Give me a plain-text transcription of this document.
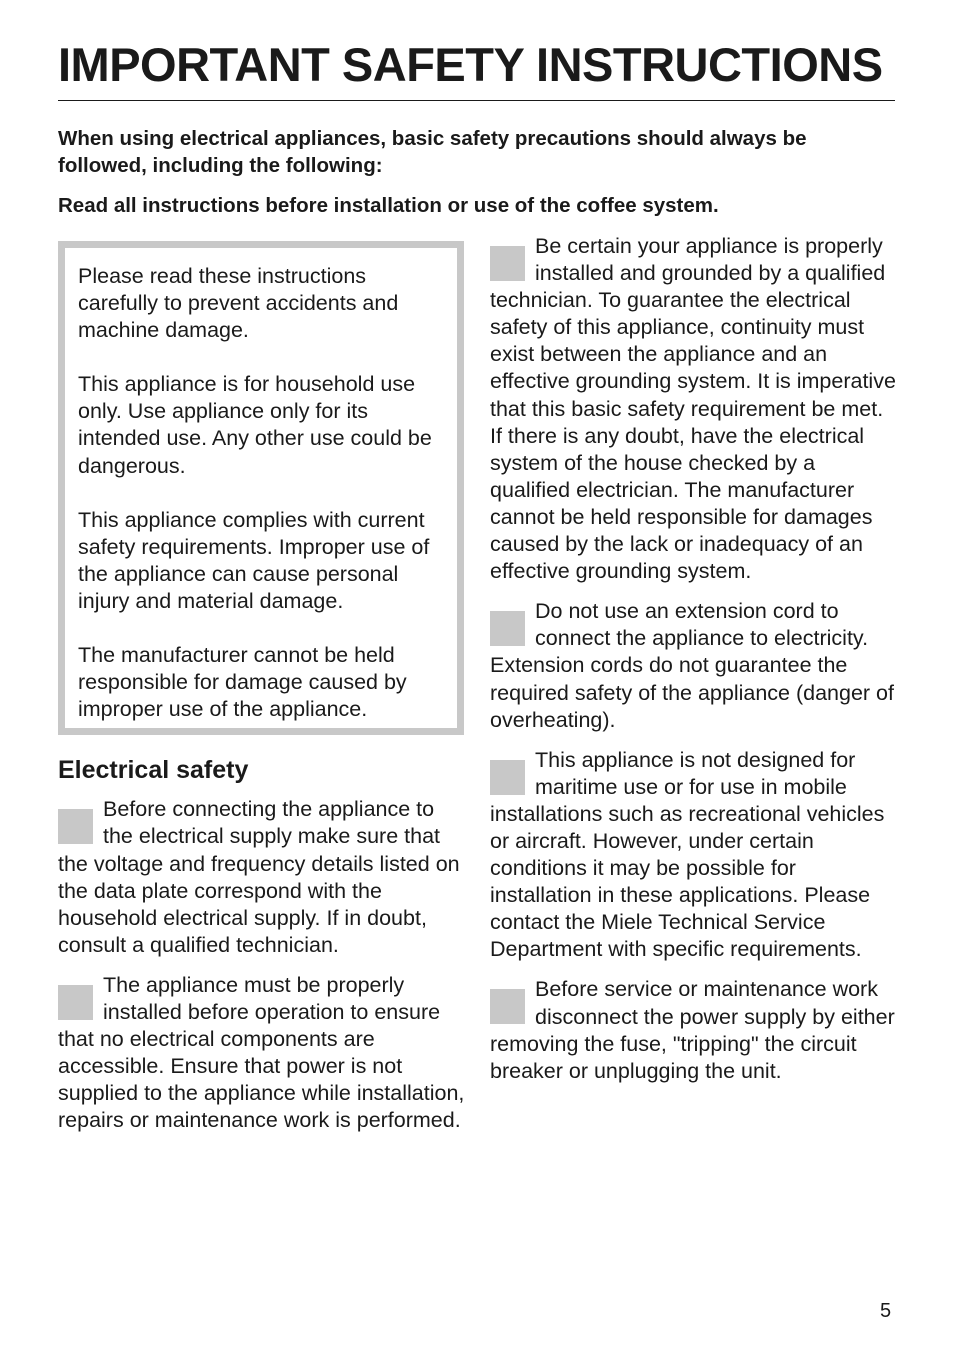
IMPORTANT SAFETY INSTRUCTIONS

When using electrical appliances, basic safety precautions should always be followed, including the following:

Read all instructions before installation or use of the coffee system.

Please read these instructions carefully to prevent accidents and machine damage.

This appliance is for household use only. Use appliance only for its intended use. Any other use could be dangerous.

This appliance complies with current safety requirements. Improper use of the appliance can cause personal injury and material damage.

The manufacturer cannot be held responsible for damage caused by improper use of the appliance.

Electrical safety
Before connecting the appliance to the electrical supply make sure that the voltage and frequency details listed on the data plate correspond with the household electrical supply. If in doubt, consult a qualified technician.
The appliance must be properly installed before operation to ensure that no electrical components are accessible. Ensure that power is not supplied to the appliance while installation, repairs or maintenance work is performed.
Be certain your appliance is properly installed and grounded by a qualified technician. To guarantee the electrical safety of this appliance, continuity must exist between the appliance and an effective grounding system. It is imperative that this basic safety requirement be met. If there is any doubt, have the electrical system of the house checked by a qualified electrician. The manufacturer cannot be held responsible for damages caused by the lack or inadequacy of an effective grounding system.
Do not use an extension cord to connect the appliance to electricity. Extension cords do not guarantee the required safety of the appliance (danger of overheating).
This appliance is not designed for maritime use or for use in mobile installations such as recreational vehicles or aircraft. However, under certain conditions it may be possible for installation in these applications. Please contact the Miele Technical Service Department with specific requirements.
Before service or maintenance work disconnect the power supply by either removing the fuse, "tripping" the circuit breaker or unplugging the unit.
5
